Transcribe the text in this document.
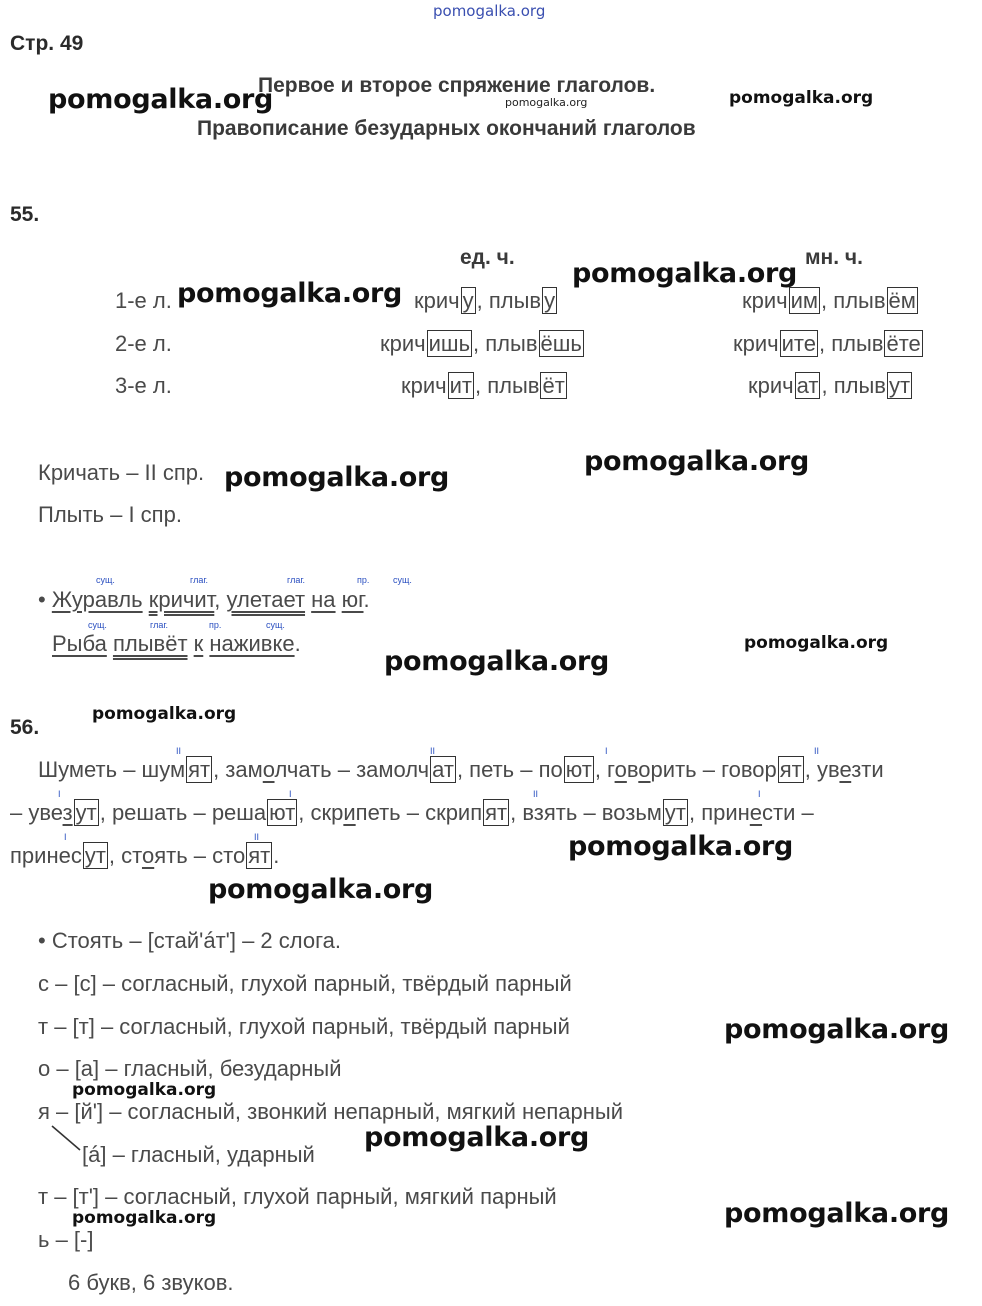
pomogalka.org
Стр. 49
Первое и второе спряжение глаголов.
Правописание безударных окончаний глаголов
pomogalka.org	pomogalka.org	pomogalka.org
55.
ед. ч.	мн. ч.
pomogalka.org
1-е л. pomogalka.org крич у , плыв у	крич им , плыв ём
2-е л.	крич ишь , плыв ёшь	крич ите , плыв ёте
3-е л.	крич ит , плыв ёт	крич ат , плыв ут
Кричать – II спр. pomogalka.org
pomogalka.org
Плыть – I спр.
• Журавль кричит, улетает на юг.
сущ.	глаг.	глаг.	пр.	сущ.
Рыба плывёт к наживке.
сущ.	глаг.	пр.	сущ.
pomogalka.org
pomogalka.org
pomogalka.org
56.
Шуметь – шум ят , замолчать – замолч ат , петь – по ют , говорить – говор ят , увезти
II	II	I	II
– увез ут , решать – реша ют , скрипеть – скрип ят , взять – возьм ут , принести –
I	I	II	I
принес ут , стоять – сто ят .
I	II	pomogalka.org
pomogalka.org
• Стоять – [стай'áт'] – 2 слога.
с – [с] – согласный, глухой парный, твёрдый парный
т – [т] – согласный, глухой парный, твёрдый парный	pomogalka.org
о – [а] – гласный, безударный
pomogalka.org
я – [й'] – согласный, звонкий непарный, мягкий непарный
[á] – гласный, ударный
pomogalka.org
т – [т'] – согласный, глухой парный, мягкий парный
pomogalka.org	pomogalka.org
ь – [-]
6 букв, 6 звуков.
